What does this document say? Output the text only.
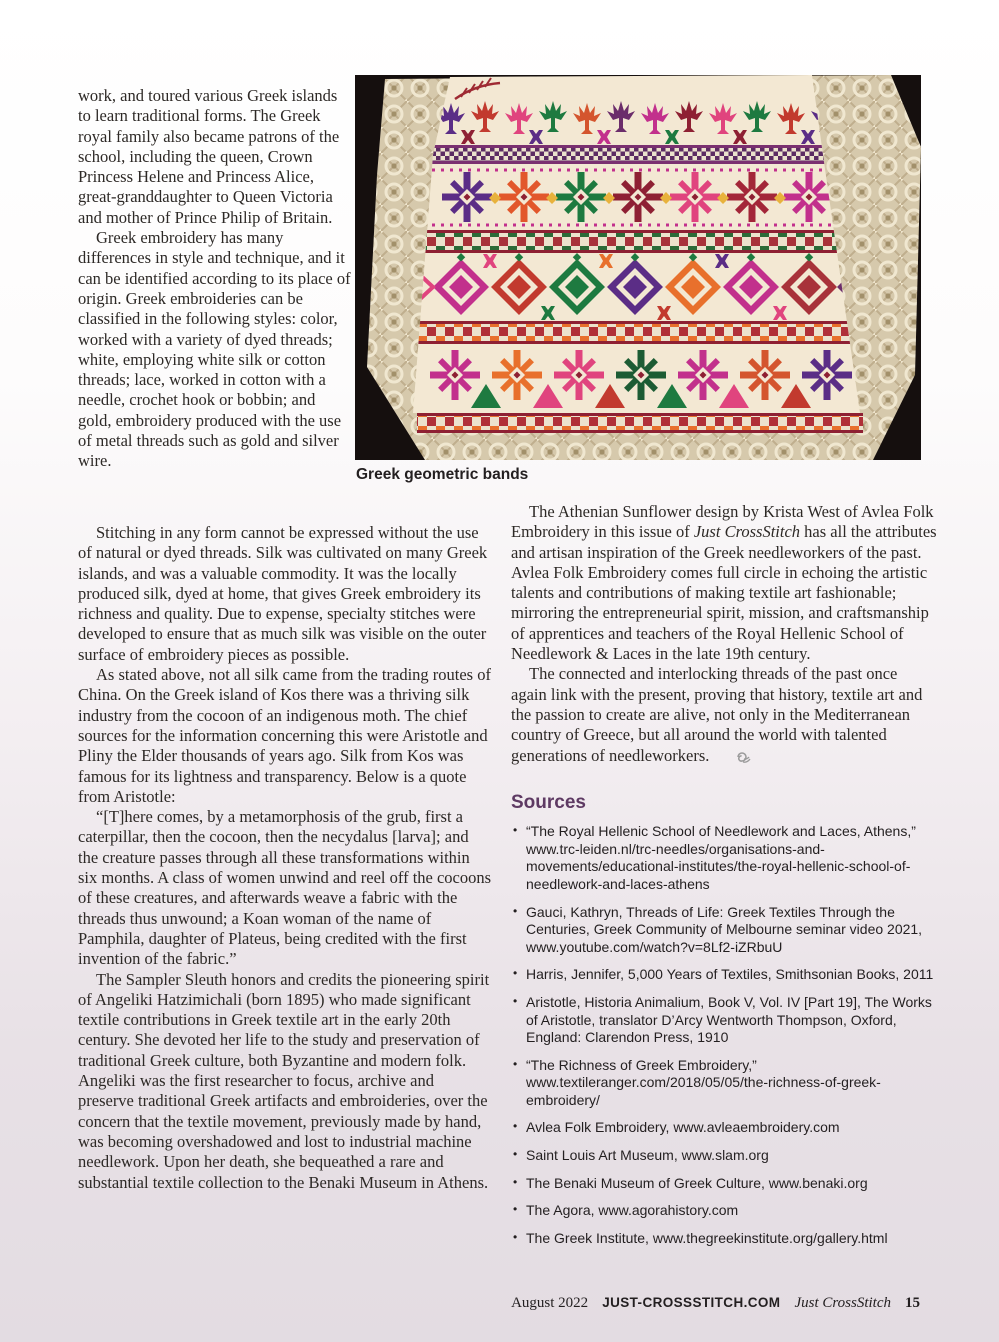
work, and toured various Greek islands to learn traditional forms. The Greek royal family also became patrons of the school, including the queen, Crown Princess Helene and Princess Alice, great-granddaughter to Queen Victoria and mother of Prince Philip of Britain.

Greek embroidery has many differences in style and technique, and it can be identified according to its place of origin. Greek embroideries can be classified in the following styles: color, worked with a variety of dyed threads; white, employing white silk or cotton threads; lace, worked in cotton with a needle, crochet hook or bobbin; and gold, embroidery produced with the use of metal threads such as gold and silver wire.

Greek geometric bands

Stitching in any form cannot be expressed without the use of natural or dyed threads. Silk was cultivated on many Greek islands, and was a valuable commodity. It was the locally produced silk, dyed at home, that gives Greek embroidery its richness and quality. Due to expense, specialty stitches were developed to ensure that as much silk was visible on the outer surface of embroidery pieces as possible.

As stated above, not all silk came from the trading routes of China. On the Greek island of Kos there was a thriving silk industry from the cocoon of an indigenous moth. The chief sources for the information concerning this were Aristotle and Pliny the Elder thousands of years ago. Silk from Kos was famous for its lightness and transparency. Below is a quote from Aristotle:

“[T]here comes, by a metamorphosis of the grub, first a caterpillar, then the cocoon, then the necydalus [larva]; and the creature passes through all these transformations within six months. A class of women unwind and reel off the cocoons of these creatures, and afterwards weave a fabric with the threads thus unwound; a Koan woman of the name of Pamphila, daughter of Plateus, being credited with the first invention of the fabric.”

The Sampler Sleuth honors and credits the pioneering spirit of Angeliki Hatzimichali (born 1895) who made significant textile contributions in Greek textile art in the early 20th century. She devoted her life to the study and preservation of traditional Greek culture, both Byzantine and modern folk. Angeliki was the first researcher to focus, archive and preserve traditional Greek artifacts and embroideries, over the concern that the textile movement, previously made by hand, was becoming overshadowed and lost to industrial machine needlework. Upon her death, she bequeathed a rare and substantial textile collection to the Benaki Museum in Athens.

The Athenian Sunflower design by Krista West of Avlea Folk Embroidery in this issue of Just CrossStitch has all the attributes and artisan inspiration of the Greek needleworkers of the past. Avlea Folk Embroidery comes full circle in echoing the artistic talents and contributions of making textile art fashionable; mirroring the entrepreneurial spirit, mission, and craftsmanship of apprentices and teachers of the Royal Hellenic School of Needlework & Laces in the late 19th century.

The connected and interlocking threads of the past once again link with the present, proving that history, textile art and the passion to create are alive, not only in the Mediterranean country of Greece, but all around the world with talented generations of needleworkers.

Sources
• “The Royal Hellenic School of Needlework and Laces, Athens,” www.trc-leiden.nl/trc-needles/organisations-and-movements/educational-institutes/the-royal-hellenic-school-of-needlework-and-laces-athens
• Gauci, Kathryn, Threads of Life: Greek Textiles Through the Centuries, Greek Community of Melbourne seminar video 2021, www.youtube.com/watch?v=8Lf2-iZRbuU
• Harris, Jennifer, 5,000 Years of Textiles, Smithsonian Books, 2011
• Aristotle, Historia Animalium, Book V, Vol. IV [Part 19], The Works of Aristotle, translator D’Arcy Wentworth Thompson, Oxford, England: Clarendon Press, 1910
• “The Richness of Greek Embroidery,” www.textileranger.com/2018/05/05/the-richness-of-greek-embroidery/
• Avlea Folk Embroidery, www.avleaembroidery.com
• Saint Louis Art Museum, www.slam.org
• The Benaki Museum of Greek Culture, www.benaki.org
• The Agora, www.agorahistory.com
• The Greek Institute, www.thegreekinstitute.org/gallery.html
August 2022 JUST-CROSSSTITCH.COM Just CrossStitch 15
